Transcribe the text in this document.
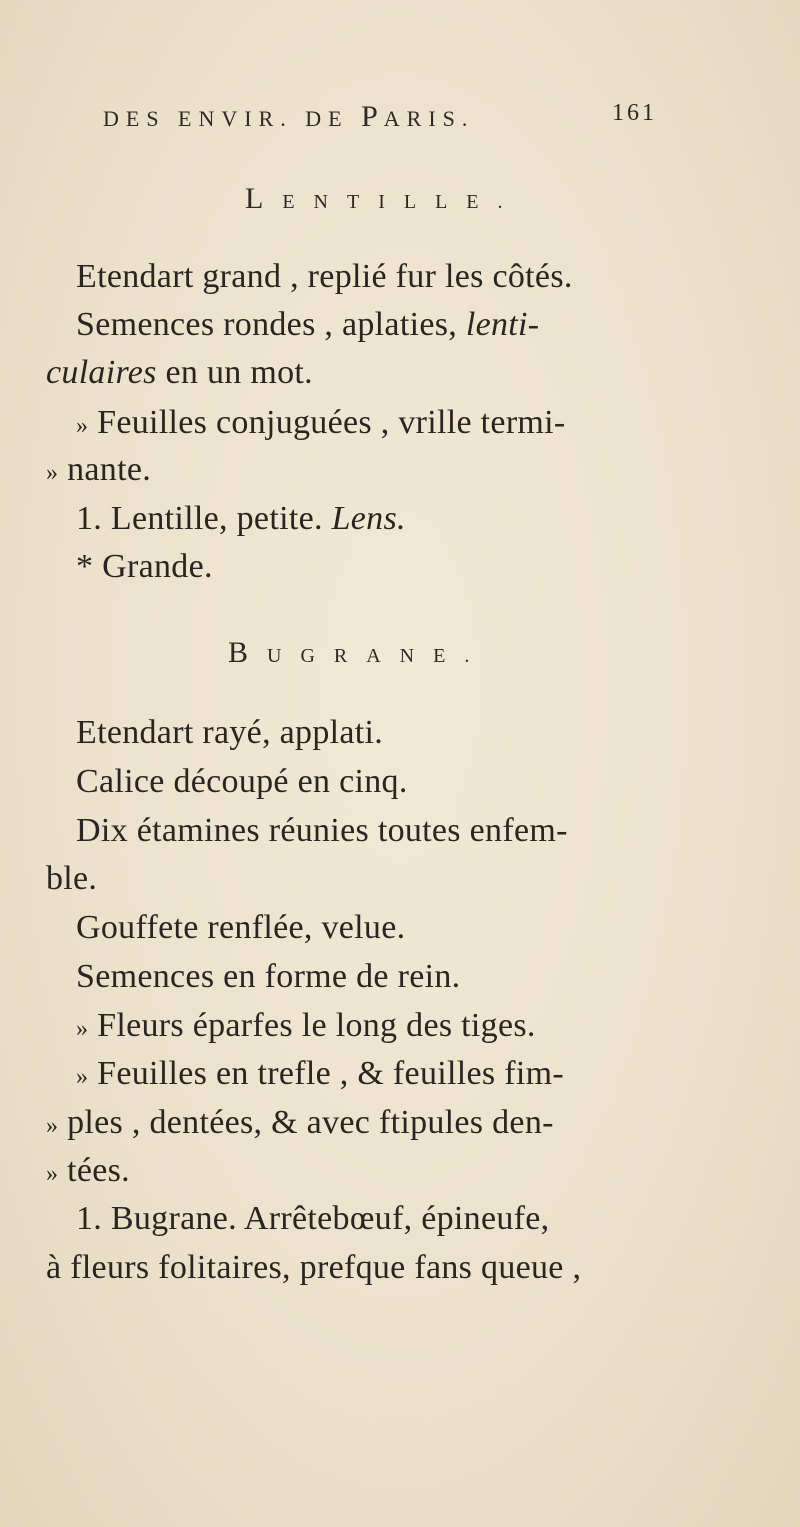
DES ENVIR. DE PARIS.	161
LENTILLE.
Etendart grand , replié fur les côtés.
Semences rondes , aplaties, lenti-
culaires en un mot.
» Feuilles conjuguées , vrille termi-
» nante.
1. Lentille, petite. Lens.
* Grande.
BUGRANE.
Etendart rayé, applati.
Calice découpé en cinq.
Dix étamines réunies toutes enfem-
ble.
Gouffete renflée, velue.
Semences en forme de rein.
» Fleurs éparfes le long des tiges.
» Feuilles en trefle , & feuilles fim-
» ples , dentées, & avec ftipules den-
» tées.
1. Bugrane. Arrêtebœuf, épineufe,
à fleurs folitaires, prefque fans queue ,
